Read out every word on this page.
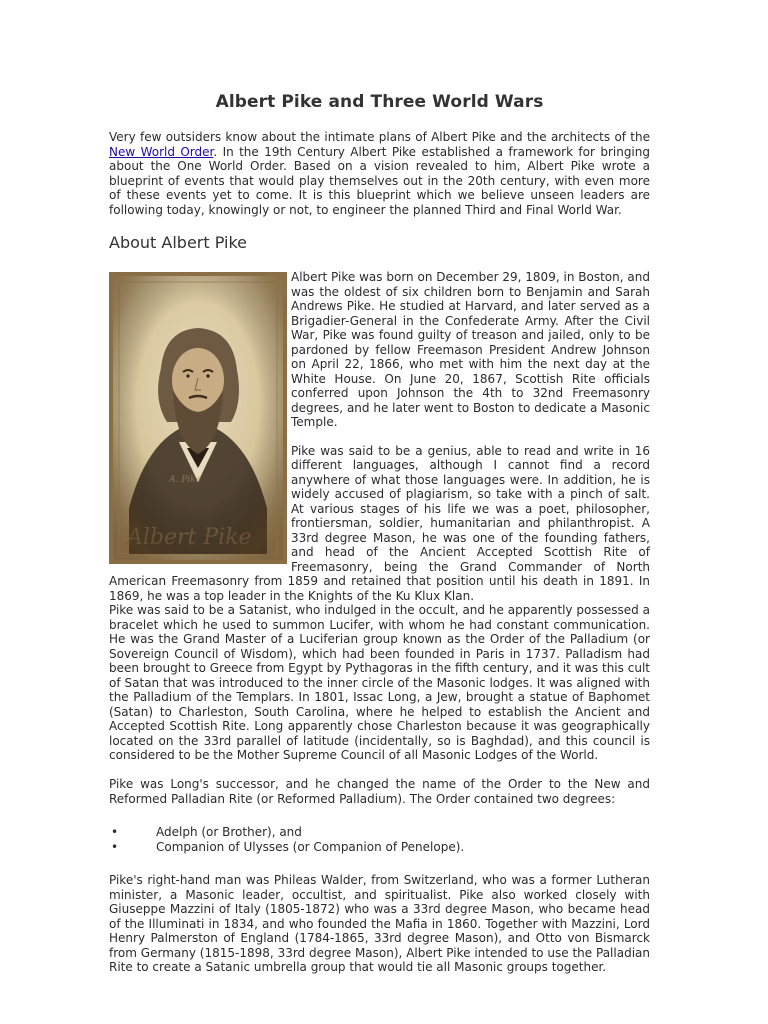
Albert Pike and Three World Wars

Very few outsiders know about the intimate plans of Albert Pike and the architects of the New World Order. In the 19th Century Albert Pike established a framework for bringing about the One World Order. Based on a vision revealed to him, Albert Pike wrote a blueprint of events that would play themselves out in the 20th century, with even more of these events yet to come. It is this blueprint which we believe unseen leaders are following today, knowingly or not, to engineer the planned Third and Final World War.

About Albert Pike

Albert Pike was born on December 29, 1809, in Boston, and was the oldest of six children born to Benjamin and Sarah Andrews Pike. He studied at Harvard, and later served as a Brigadier-General in the Confederate Army. After the Civil War, Pike was found guilty of treason and jailed, only to be pardoned by fellow Freemason President Andrew Johnson on April 22, 1866, who met with him the next day at the White House. On June 20, 1867, Scottish Rite officials conferred upon Johnson the 4th to 32nd Freemasonry degrees, and he later went to Boston to dedicate a Masonic Temple.

Pike was said to be a genius, able to read and write in 16 different languages, although I cannot find a record anywhere of what those languages were. In addition, he is widely accused of plagiarism, so take with a pinch of salt. At various stages of his life we was a poet, philosopher, frontiersman, soldier, humanitarian and philanthropist. A 33rd degree Mason, he was one of the founding fathers, and head of the Ancient Accepted Scottish Rite of Freemasonry, being the Grand Commander of North American Freemasonry from 1859 and retained that position until his death in 1891. In 1869, he was a top leader in the Knights of the Ku Klux Klan.

Pike was said to be a Satanist, who indulged in the occult, and he apparently possessed a bracelet which he used to summon Lucifer, with whom he had constant communication. He was the Grand Master of a Luciferian group known as the Order of the Palladium (or Sovereign Council of Wisdom), which had been founded in Paris in 1737. Palladism had been brought to Greece from Egypt by Pythagoras in the fifth century, and it was this cult of Satan that was introduced to the inner circle of the Masonic lodges. It was aligned with the Palladium of the Templars. In 1801, Issac Long, a Jew, brought a statue of Baphomet (Satan) to Charleston, South Carolina, where he helped to establish the Ancient and Accepted Scottish Rite. Long apparently chose Charleston because it was geographically located on the 33rd parallel of latitude (incidentally, so is Baghdad), and this council is considered to be the Mother Supreme Council of all Masonic Lodges of the World.

Pike was Long's successor, and he changed the name of the Order to the New and Reformed Palladian Rite (or Reformed Palladium). The Order contained two degrees:

•	Adelph (or Brother), and
•	Companion of Ulysses (or Companion of Penelope).

Pike's right-hand man was Phileas Walder, from Switzerland, who was a former Lutheran minister, a Masonic leader, occultist, and spiritualist. Pike also worked closely with Giuseppe Mazzini of Italy (1805-1872) who was a 33rd degree Mason, who became head of the Illuminati in 1834, and who founded the Mafia in 1860. Together with Mazzini, Lord Henry Palmerston of England (1784-1865, 33rd degree Mason), and Otto von Bismarck from Germany (1815-1898, 33rd degree Mason), Albert Pike intended to use the Palladian Rite to create a Satanic umbrella group that would tie all Masonic groups together.
